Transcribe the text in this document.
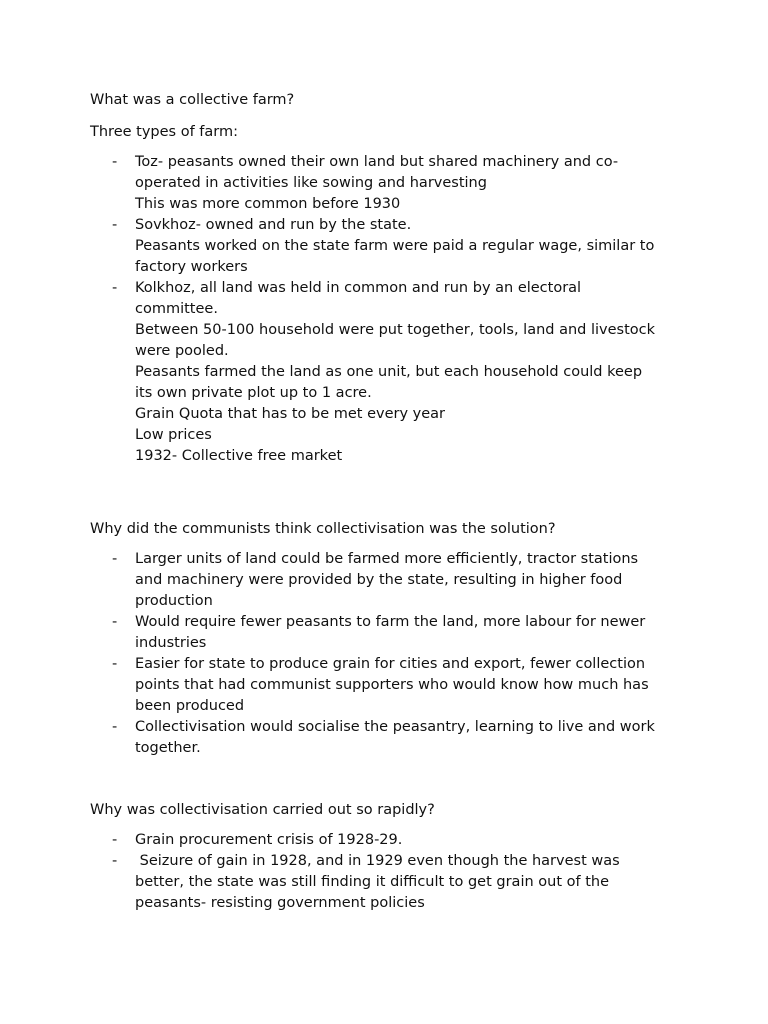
What was a collective farm?

Three types of farm:

- Toz- peasants owned their own land but shared machinery and co-
operated in activities like sowing and harvesting
This was more common before 1930
- Sovkhoz- owned and run by the state.
Peasants worked on the state farm were paid a regular wage, similar to
factory workers
- Kolkhoz, all land was held in common and run by an electoral
committee.
Between 50-100 household were put together, tools, land and livestock
were pooled.
Peasants farmed the land as one unit, but each household could keep
its own private plot up to 1 acre.
Grain Quota that has to be met every year
Low prices
1932- Collective free market

Why did the communists think collectivisation was the solution?

- Larger units of land could be farmed more efficiently, tractor stations
and machinery were provided by the state, resulting in higher food
production
- Would require fewer peasants to farm the land, more labour for newer
industries
- Easier for state to produce grain for cities and export, fewer collection
points that had communist supporters who would know how much has
been produced
- Collectivisation would socialise the peasantry, learning to live and work
together.

Why was collectivisation carried out so rapidly?

- Grain procurement crisis of 1928-29.
- Seizure of gain in 1928, and in 1929 even though the harvest was
better, the state was still finding it difficult to get grain out of the
peasants- resisting government policies
